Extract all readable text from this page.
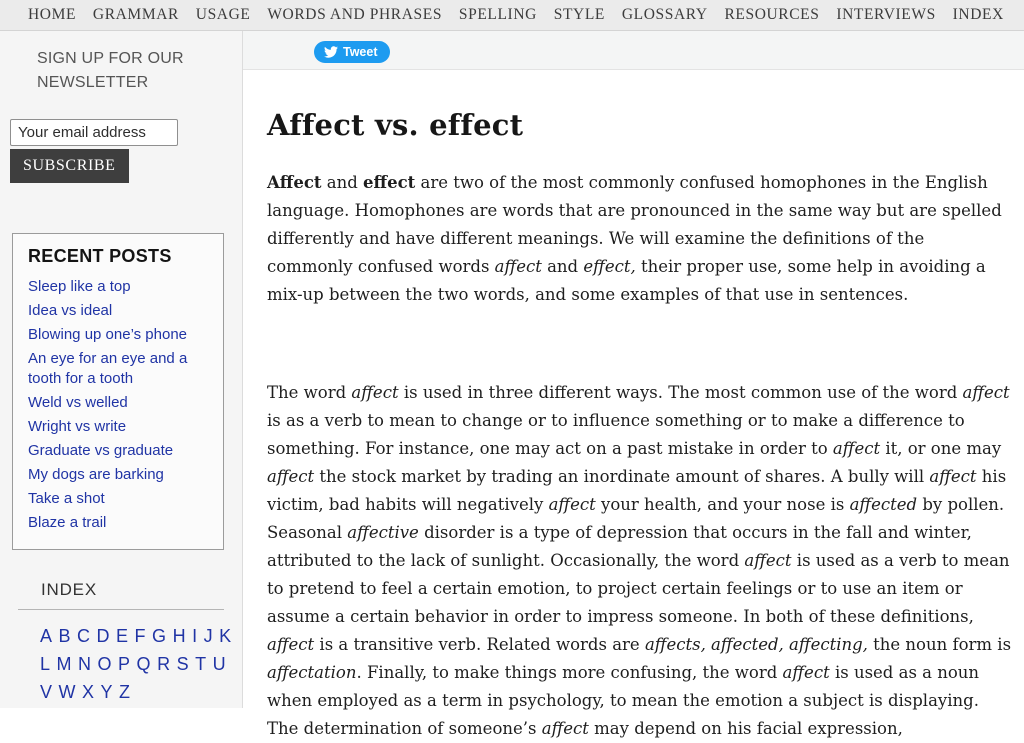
HOME GRAMMAR USAGE WORDS AND PHRASES SPELLING STYLE GLOSSARY RESOURCES INTERVIEWS INDEX
SIGN UP FOR OUR NEWSLETTER
Your email address SUBSCRIBE
RECENT POSTS
Sleep like a top
Idea vs ideal
Blowing up one’s phone
An eye for an eye and a tooth for a tooth
Weld vs welled
Wright vs write
Graduate vs graduate
My dogs are barking
Take a shot
Blaze a trail
INDEX
A B C D E F G H I J K
L M N O P Q R S T U
V W X Y Z
Tweet
Affect vs. effect

Affect and effect are two of the most commonly confused homophones in the English language. Homophones are words that are pronounced in the same way but are spelled differently and have different meanings. We will examine the definitions of the commonly confused words affect and effect, their proper use, some help in avoiding a mix-up between the two words, and some examples of that use in sentences.

The word affect is used in three different ways. The most common use of the word affect is as a verb to mean to change or to influence something or to make a difference to something. For instance, one may act on a past mistake in order to affect it, or one may affect the stock market by trading an inordinate amount of shares. A bully will affect his victim, bad habits will negatively affect your health, and your nose is affected by pollen. Seasonal affective disorder is a type of depression that occurs in the fall and winter, attributed to the lack of sunlight. Occasionally, the word affect is used as a verb to mean to pretend to feel a certain emotion, to project certain feelings or to use an item or assume a certain behavior in order to impress someone. In both of these definitions, affect is a transitive verb. Related words are affects, affected, affecting, the noun form is affectation. Finally, to make things more confusing, the word affect is used as a noun when employed as a term in psychology, to mean the emotion a subject is displaying. The determination of someone’s affect may depend on his facial expression,
